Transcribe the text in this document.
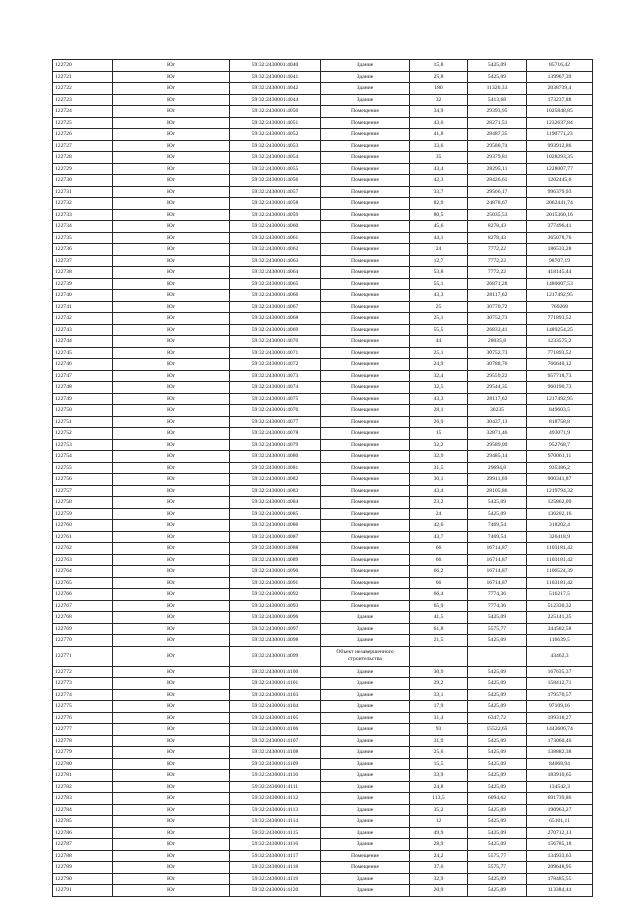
122720	Юг	59:32:2430001:4040	Здание	15,8	5425,09	85716,42
122721	Юг	59:32:2430001:4041	Здание	25,8	5425,09	139967,39
122722	Юг	59:32:2430001:4042	Здание	180	11326,33	2038739,4
122723	Юг	59:32:2430001:4044	Здание	32	5413,68	173237,88
122724	Юг	59:32:2430001:4050	Помещение	34,9	29393,95	1025848,85
122725	Юг	59:32:2430001:4051	Помещение	43,6	28271,51	1232637,84
122726	Юг	59:32:2430001:4052	Помещение	41,8	28487,35	1190771,23
122727	Юг	59:32:2430001:4053	Помещение	33,6	29580,74	993912,86
122728	Юг	59:32:2430001:4054	Помещение	35	29379,81	1028293,35
122729	Юг	59:32:2430001:4055	Помещение	43,4	28295,11	1228007,77
122730	Юг	59:32:2430001:4056	Помещение	42,3	28426,61	1202445,6
122731	Юг	59:32:2430001:4057	Помещение	33,7	29566,17	996379,93
122732	Юг	59:32:2430001:4058	Помещение	82,9	24878,67	2062441,74
122733	Юг	59:32:2430001:4059	Помещение	80,5	25035,53	2015360,16
122734	Юг	59:32:2430001:4060	Помещение	45,6	8278,43	377496,41
122735	Юг	59:32:2430001:4061	Помещение	44,1	8278,43	365078,76
122736	Юг	59:32:2430001:4062	Помещение	24	7772,22	186533,28
122737	Юг	59:32:2430001:4063	Помещение	12,7	7772,22	98707,19
122738	Юг	59:32:2430001:4064	Помещение	53,8	7772,22	418145,44
122739	Юг	59:32:2430001:4065	Помещение	55,1	26871,28	1480607,53
122740	Юг	59:32:2430001:4066	Помещение	43,3	28117,62	1217492,95
122741	Юг	59:32:2430001:4067	Помещение	25	30770,72	769268
122742	Юг	59:32:2430001:4068	Помещение	25,1	30752,73	771893,52
122743	Юг	59:32:2430001:4069	Помещение	55,5	26833,41	1489254,25
122744	Юг	59:32:2430001:4070	Помещение	44	28035,8	1233575,2
122745	Юг	59:32:2430001:4071	Помещение	25,1	30752,73	771893,52
122746	Юг	59:32:2430001:4072	Помещение	24,9	30788,76	766640,12
122747	Юг	59:32:2430001:4073	Помещение	32,4	29559,22	957718,73
122748	Юг	59:32:2430001:4074	Помещение	32,5	29544,35	960190,73
122749	Юг	59:32:2430001:4075	Помещение	43,3	28117,62	1217492,95
122750	Юг	59:32:2430001:4076	Помещение	28,1	30235	849603,5
122751	Юг	59:32:2430001:4077	Помещение	26,9	30437,13	818758,8
122752	Юг	59:32:2430001:4078	Помещение	15	32871,46	493071,9
122753	Юг	59:32:2430001:4079	Помещение	32,2	29589,09	952768,7
122754	Юг	59:32:2430001:4080	Помещение	32,9	29485,14	970061,11
122755	Юг	59:32:2430001:4081	Помещение	31,5	29694,8	935386,2
122756	Юг	59:32:2430001:4082	Помещение	30,1	29911,69	900341,87
122757	Юг	59:32:2430001:4083	Помещение	43,4	28105,86	1219794,32
122758	Юг	59:32:2430001:4084	Помещение	23,2	5425,09	125862,09
122759	Юг	59:32:2430001:4085	Помещение	24	5425,09	130202,16
122760	Юг	59:32:2430001:4086	Помещение	42,6	7469,54	318202,4
122761	Юг	59:32:2430001:4087	Помещение	43,7	7469,54	326418,9
122762	Юг	59:32:2430001:4088	Помещение	66	16714,87	1103181,42
122763	Юг	59:32:2430001:4089	Помещение	66	16714,87	1103181,42
122764	Юг	59:32:2430001:4090	Помещение	66,2	16714,87	1106524,39
122765	Юг	59:32:2430001:4091	Помещение	66	16714,87	1103181,42
122766	Юг	59:32:2430001:4092	Помещение	66,4	7774,36	516217,5
122767	Юг	59:32:2430001:4093	Помещение	65,9	7774,36	512330,32
122768	Юг	59:32:2430001:4096	Здание	41,5	5425,09	225141,35
122769	Юг	59:32:2430001:4097	Здание	61,8	5575,77	344582,58
122770	Юг	59:32:2430001:4098	Здание	21,5	5425,09	116639,5
122771	Юг	59:32:2430001:4099	Объект незавершенного строительства			43462,3
122772	Юг	59:32:2430001:4100	Здание	30,9	5425,09	167635,37
122773	Юг	59:32:2430001:4101	Здание	29,2	5425,09	158412,71
122774	Юг	59:32:2430001:4103	Здание	33,1	5425,09	179570,57
122775	Юг	59:32:2430001:4104	Здание	17,9	5425,09	97109,16
122776	Юг	59:32:2430001:4105	Здание	31,4	6347,72	199318,27
122777	Юг	59:32:2430001:4106	Здание	93	15522,65	1443606,74
122778	Юг	59:32:2430001:4107	Здание	31,9	5425,09	173060,46
122779	Юг	59:32:2430001:4108	Здание	25,6	5425,09	138882,38
122780	Юг	59:32:2430001:4109	Здание	15,5	5425,09	84068,94
122781	Юг	59:32:2430001:4110	Здание	33,9	5425,09	183910,65
122782	Юг	59:32:2430001:4111	Здание	24,8	5425,09	134542,3
122783	Юг	59:32:2430001:4112	Здание	113,5	6094,62	691739,86
122784	Юг	59:32:2430001:4113	Здание	35,2	5425,09	190963,27
122785	Юг	59:32:2430001:4114	Здание	12	5425,09	65101,11
122786	Юг	59:32:2430001:4115	Здание	49,9	5425,09	270712,13
122787	Юг	59:32:2430001:4116	Здание	28,9	5425,09	156785,18
122788	Юг	59:32:2430001:4117	Помещение	24,2	5575,77	134933,63
122789	Юг	59:32:2430001:4118	Помещение	37,6	5575,77	209648,95
122790	Юг	59:32:2430001:4119	Здание	32,9	5425,09	178485,55
122791	Юг	59:32:2430001:4120	Здание	20,9	5425,09	113384,44
